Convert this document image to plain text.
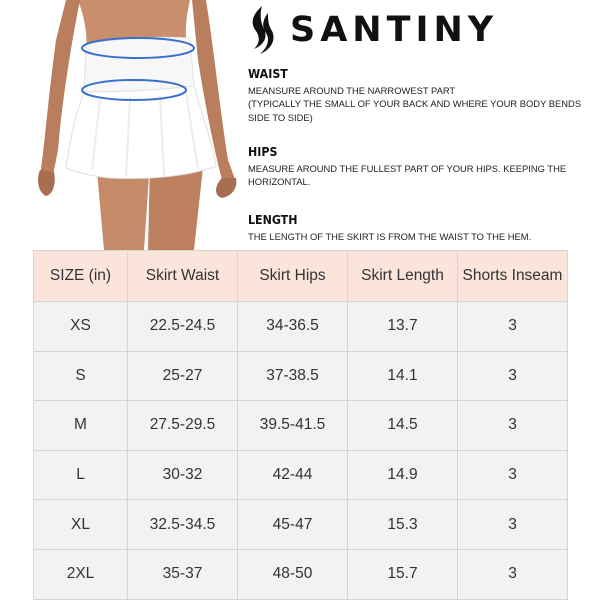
SANTINY
WAIST

MEANSURE AROUND THE NARROWEST PART
(TYPICALLY THE SMALL OF YOUR BACK AND WHERE YOUR BODY BENDS SIDE TO SIDE)

HIPS

MEASURE AROUND THE FULLEST PART OF YOUR HIPS. KEEPING THE HORIZONTAL.

LENGTH

THE LENGTH OF THE SKIRT IS FROM THE WAIST TO THE HEM.

SIZE (in)	Skirt Waist	Skirt Hips	Skirt Length	Shorts Inseam
XS	22.5-24.5	34-36.5	13.7	3
S	25-27	37-38.5	14.1	3
M	27.5-29.5	39.5-41.5	14.5	3
L	30-32	42-44	14.9	3
XL	32.5-34.5	45-47	15.3	3
2XL	35-37	48-50	15.7	3
